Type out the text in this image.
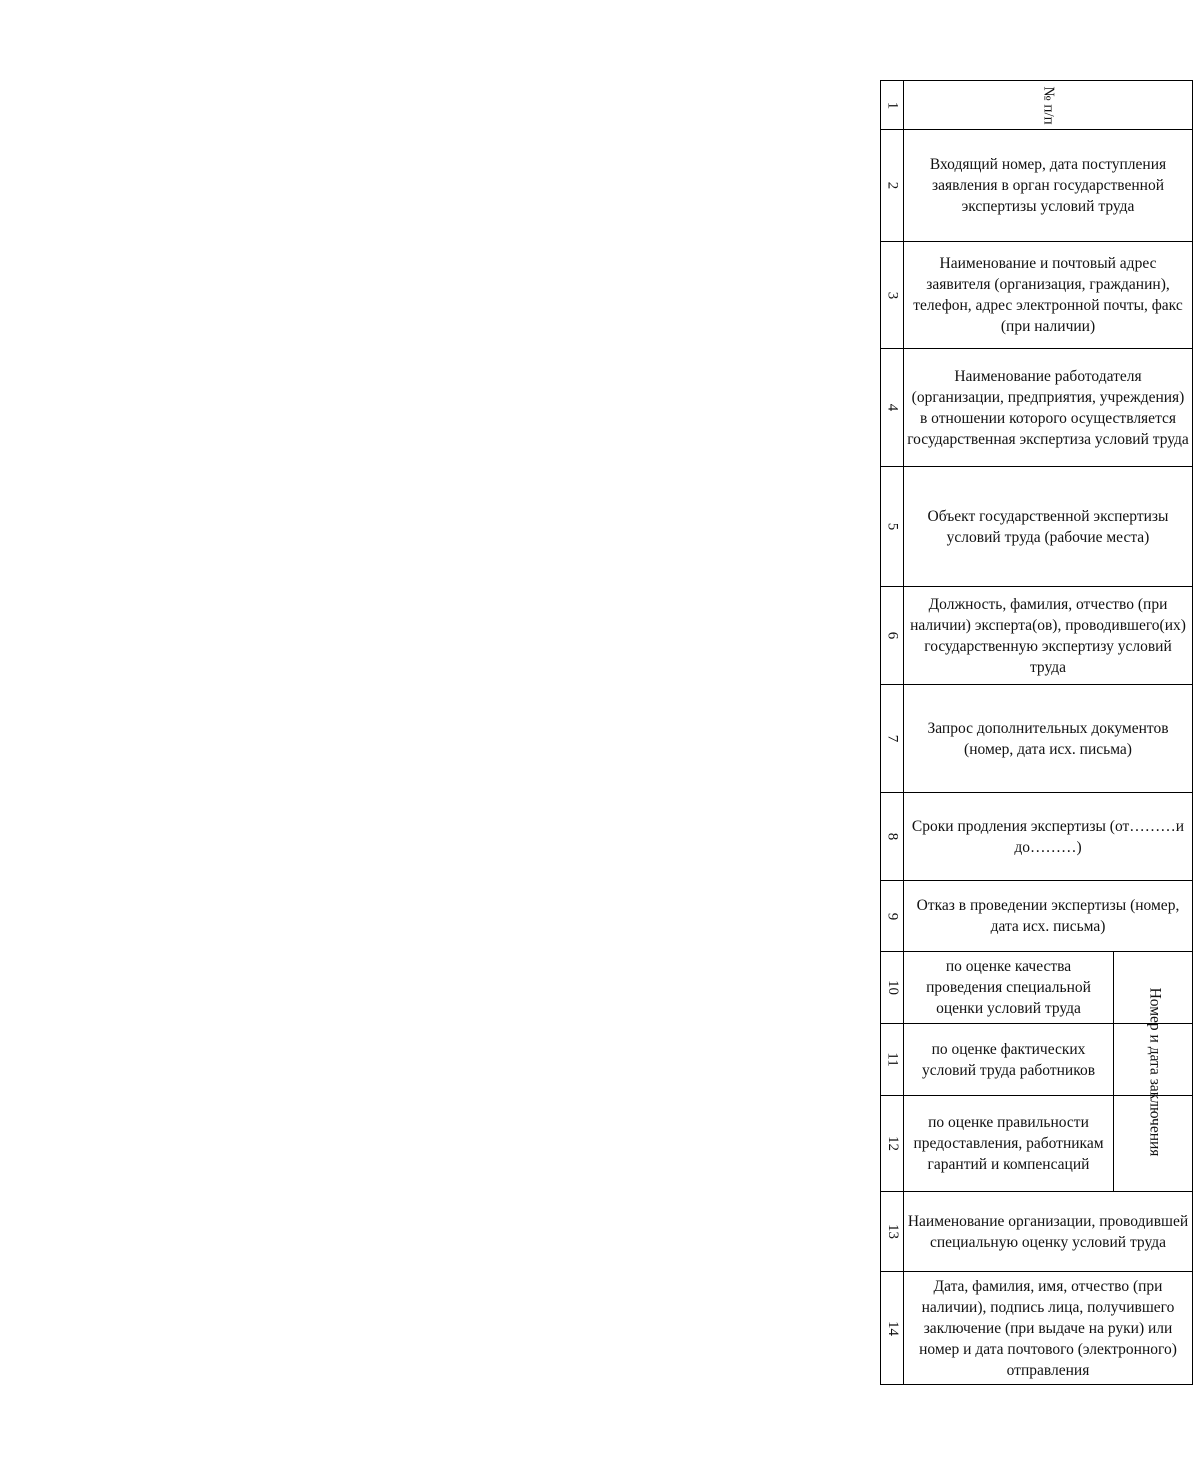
1	№ п/п
2
Входящий номер, дата поступления заявления в орган государственной экспертизы условий труда
3
Наименование и почтовый адрес заявителя (организация, гражданин), телефон, адрес электронной почты, факс (при наличии)
4
Наименование работодателя (организации, предприятия, учреждения) в отношении которого осуществляется государственная экспертиза условий труда
5
Объект государственной экспертизы условий труда (рабочие места)
6
Должность, фамилия, отчество (при наличии) эксперта(ов), проводившего(их) государственную экспертизу условий труда
7
Запрос дополнительных документов (номер, дата исх. письма)
8
Сроки продления экспертизы (от………и до………)
9
Отказ в проведении экспертизы (номер, дата исх. письма)
10
по оценке качества проведения специальной оценки условий труда
11
по оценке фактических условий труда работников
12
по оценке правильности предоставления, работникам гарантий и компенсаций
Номер и дата заключения
13
Наименование организации, проводившей специальную оценку условий труда
14
Дата, фамилия, имя, отчество (при наличии), подпись лица, получившего заключение (при выдаче на руки) или номер и дата почтового (электронного) отправления
